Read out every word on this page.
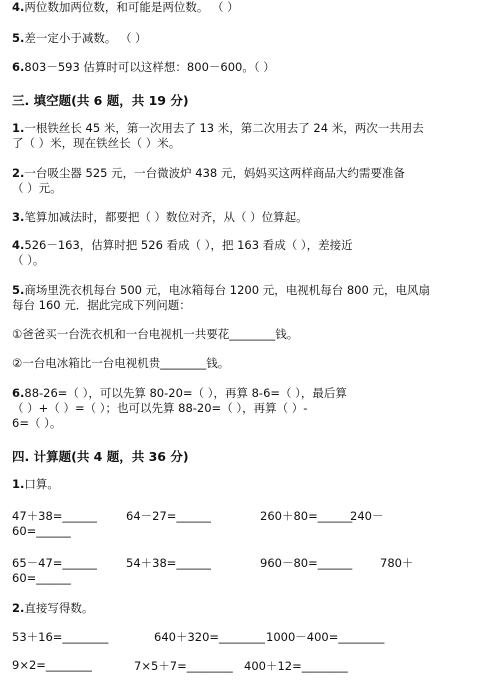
4.两位数加两位数，和可能是两位数。 （ ）
5.差一定小于减数。 （ ）
6.803－593 估算时可以这样想：800－600。（ ）
三. 填空题(共 6 题，共 19 分)
1.一根铁丝长 45 米，第一次用去了 13 米，第二次用去了 24 米，两次一共用去
了（ ）米，现在铁丝长（ ）米。
2.一台吸尘器 525 元，一台微波炉 438 元，妈妈买这两样商品大约需要准备
（ ）元。
3.笔算加减法时，都要把（ ）数位对齐，从（ ）位算起。
4.526－163，估算时把 526 看成（ ），把 163 看成（ ），差接近
（ ）。
5.商场里洗衣机每台 500 元，电冰箱每台 1200 元，电视机每台 800 元，电风扇
每台 160 元．据此完成下列问题：
①爸爸买一台洗衣机和一台电视机一共要花________钱。
②一台电冰箱比一台电视机贵________钱。
6.88-26=（ ），可以先算 80-20=（ ），再算 8-6=（ ），最后算
（ ）+（ ）=（ ）；也可以先算 88-20=（ ），再算（ ）-
6=（ ）。
四. 计算题(共 4 题，共 36 分)
1.口算。
47＋38=______	64－27=______	260＋80=______
240－
60=______
65－47=______	54＋38=______	960－80=______ 780＋
60=______
2.直接写得数。
53＋16=________	640＋320=________ 1000－400=________
9×2=________	7×5＋7=________ 400＋12=________
